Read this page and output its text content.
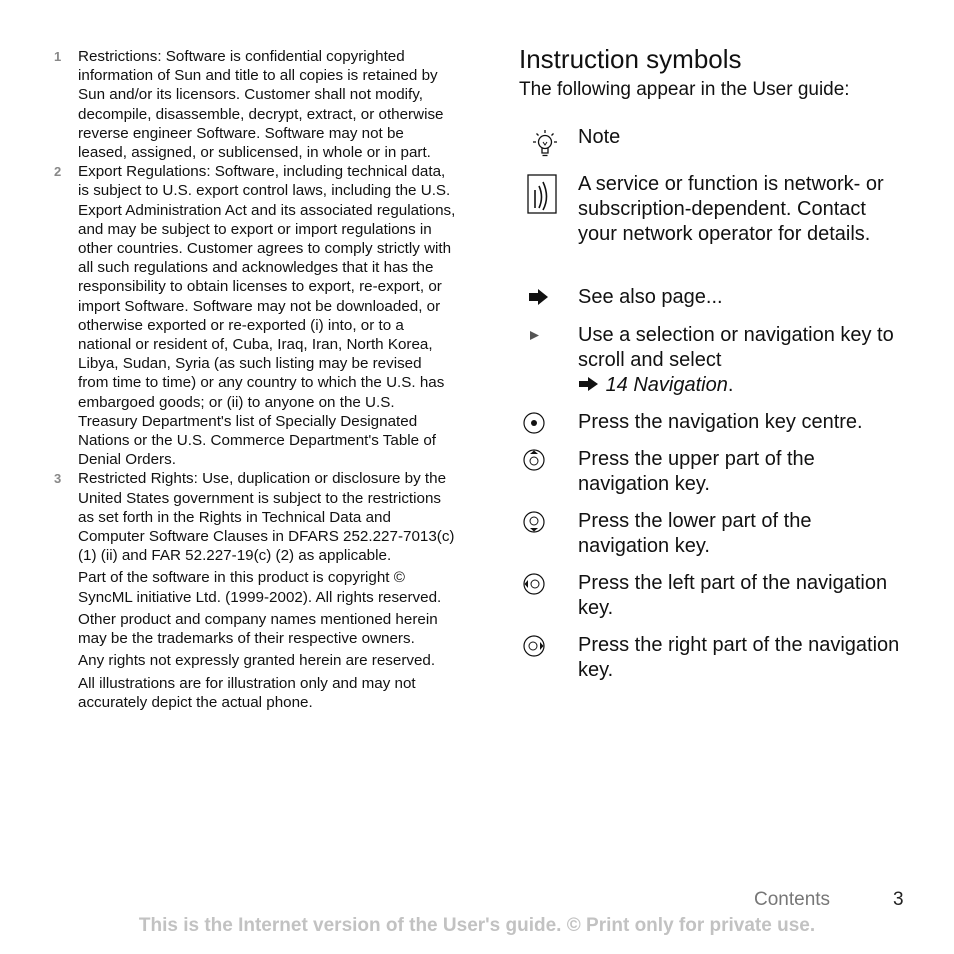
1 Restrictions: Software is confidential copyrighted information of Sun and title to all copies is retained by Sun and/or its licensors. Customer shall not modify, decompile, disassemble, decrypt, extract, or otherwise reverse engineer Software. Software may not be leased, assigned, or sublicensed, in whole or in part.
2 Export Regulations: Software, including technical data, is subject to U.S. export control laws, including the U.S. Export Administration Act and its associated regulations, and may be subject to export or import regulations in other countries. Customer agrees to comply strictly with all such regulations and acknowledges that it has the responsibility to obtain licenses to export, re-export, or import Software. Software may not be downloaded, or otherwise exported or re-exported (i) into, or to a national or resident of, Cuba, Iraq, Iran, North Korea, Libya, Sudan, Syria (as such listing may be revised from time to time) or any country to which the U.S. has embargoed goods; or (ii) to anyone on the U.S. Treasury Department's list of Specially Designated Nations or the U.S. Commerce Department's Table of Denial Orders.
3 Restricted Rights: Use, duplication or disclosure by the United States government is subject to the restrictions as set forth in the Rights in Technical Data and Computer Software Clauses in DFARS 252.227-7013(c) (1) (ii) and FAR 52.227-19(c) (2) as applicable.
Part of the software in this product is copyright © SyncML initiative Ltd. (1999-2002). All rights reserved.
Other product and company names mentioned herein may be the trademarks of their respective owners.
Any rights not expressly granted herein are reserved.
All illustrations are for illustration only and may not accurately depict the actual phone.
Instruction symbols
The following appear in the User guide:
Note
A service or function is network- or subscription-dependent. Contact your network operator for details.
See also page...
Use a selection or navigation key to scroll and select
14 Navigation.
Press the navigation key centre.
Press the upper part of the navigation key.
Press the lower part of the navigation key.
Press the left part of the navigation key.
Press the right part of the navigation key.
Contents	3
This is the Internet version of the User's guide. © Print only for private use.
